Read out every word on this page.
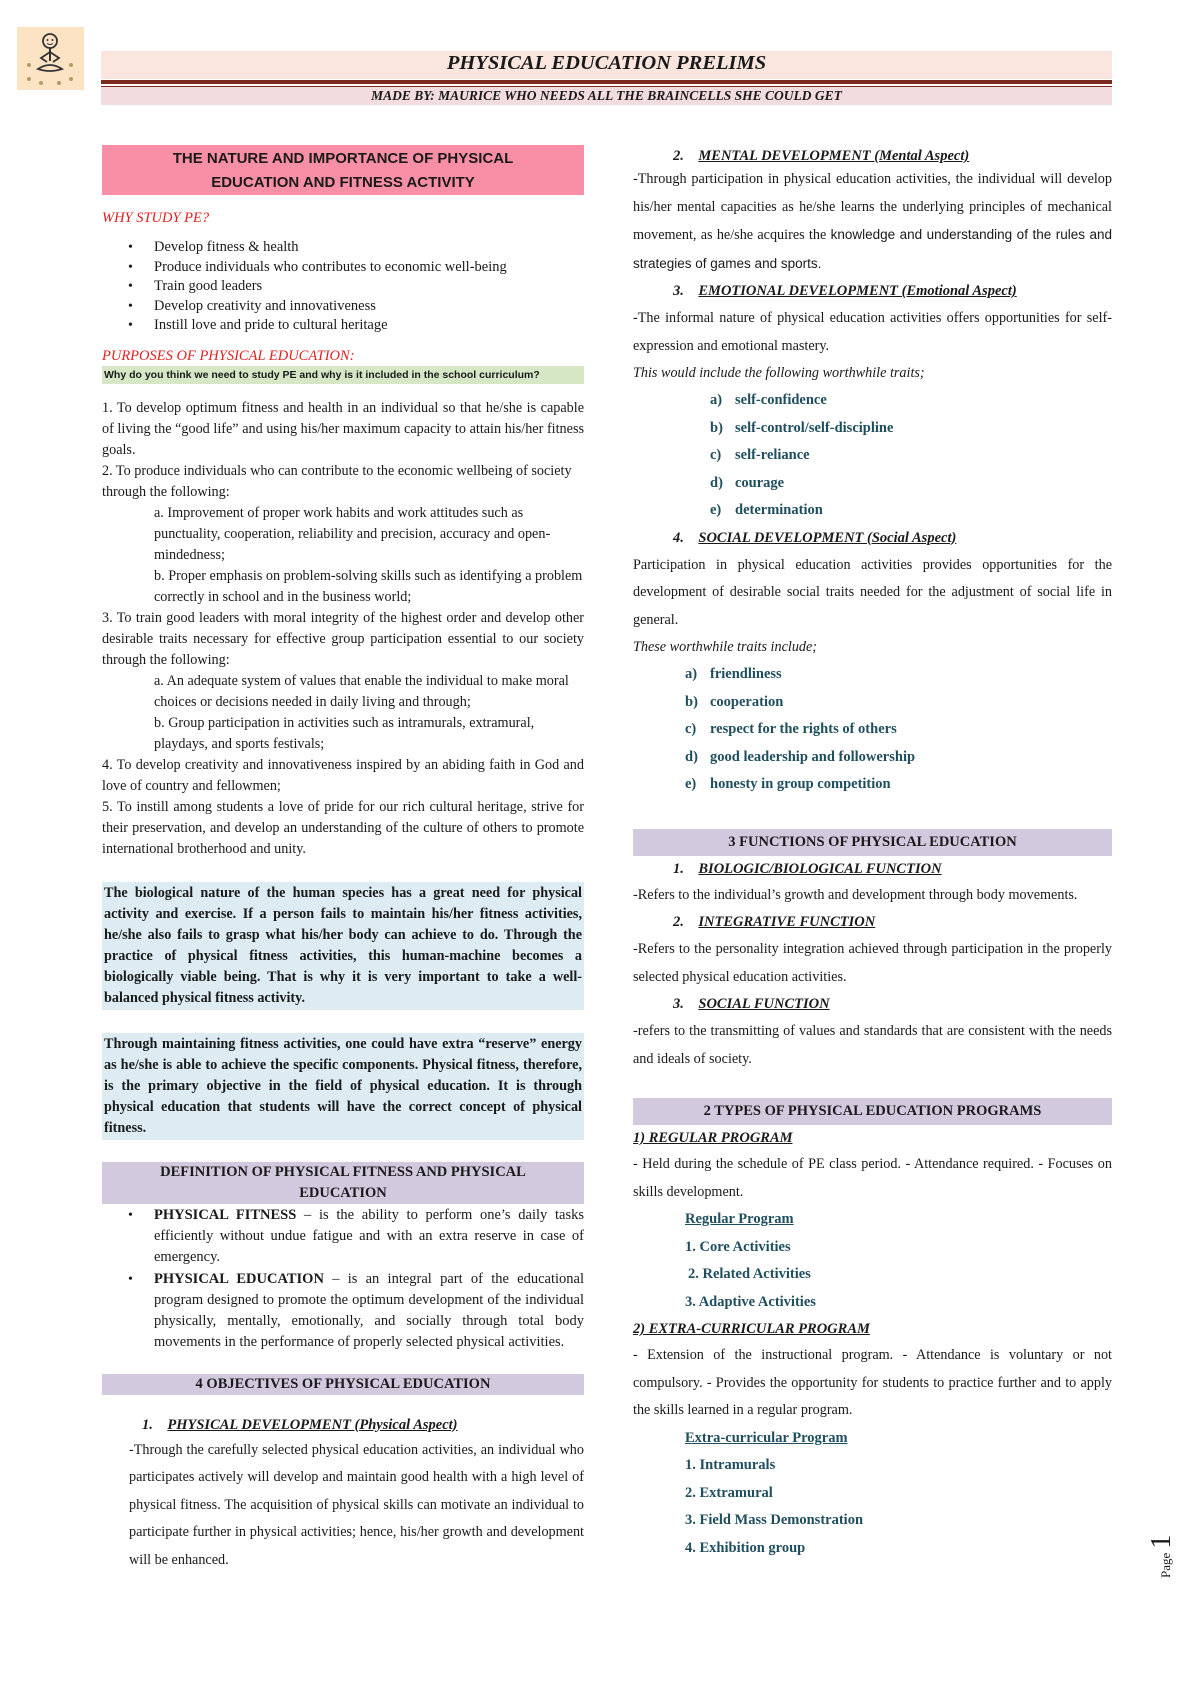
PHYSICAL EDUCATION PRELIMS
MADE BY: MAURICE WHO NEEDS ALL THE BRAINCELLS SHE COULD GET
THE NATURE AND IMPORTANCE OF PHYSICAL
EDUCATION AND FITNESS ACTIVITY
WHY STUDY PE?
• Develop fitness & health
• Produce individuals who contributes to economic well-being
• Train good leaders
• Develop creativity and innovativeness
• Instill love and pride to cultural heritage
PURPOSES OF PHYSICAL EDUCATION:
Why do you think we need to study PE and why is it included in the school curriculum?

1. To develop optimum fitness and health in an individual so that he/she is capable of living the “good life” and using his/her maximum capacity to attain his/her fitness goals.

2. To produce individuals who can contribute to the economic wellbeing of society through the following:

a. Improvement of proper work habits and work attitudes such as punctuality, cooperation, reliability and precision, accuracy and open-mindedness;

b. Proper emphasis on problem-solving skills such as identifying a problem correctly in school and in the business world;

3. To train good leaders with moral integrity of the highest order and develop other desirable traits necessary for effective group participation essential to our society through the following:

a. An adequate system of values that enable the individual to make moral choices or decisions needed in daily living and through;

b. Group participation in activities such as intramurals, extramural, playdays, and sports festivals;

4. To develop creativity and innovativeness inspired by an abiding faith in God and love of country and fellowmen;

5. To instill among students a love of pride for our rich cultural heritage, strive for their preservation, and develop an understanding of the culture of others to promote international brotherhood and unity.

The biological nature of the human species has a great need for physical activity and exercise. If a person fails to maintain his/her fitness activities, he/she also fails to grasp what his/her body can achieve to do. Through the practice of physical fitness activities, this human-machine becomes a biologically viable being. That is why it is very important to take a well-balanced physical fitness activity.
Through maintaining fitness activities, one could have extra “reserve” energy as he/she is able to achieve the specific components. Physical fitness, therefore, is the primary objective in the field of physical education. It is through physical education that students will have the correct concept of physical fitness.
DEFINITION OF PHYSICAL FITNESS AND PHYSICAL
EDUCATION
• PHYSICAL FITNESS – is the ability to perform one’s daily tasks efficiently without undue fatigue and with an extra reserve in case of emergency.
• PHYSICAL EDUCATION – is an integral part of the educational program designed to promote the optimum development of the individual physically, mentally, emotionally, and socially through total body movements in the performance of properly selected physical activities.
4 OBJECTIVES OF PHYSICAL EDUCATION
1. PHYSICAL DEVELOPMENT (Physical Aspect)

-Through the carefully selected physical education activities, an individual who participates actively will develop and maintain good health with a high level of physical fitness. The acquisition of physical skills can motivate an individual to participate further in physical activities; hence, his/her growth and development will be enhanced.

2. MENTAL DEVELOPMENT (Mental Aspect)

-Through participation in physical education activities, the individual will develop his/her mental capacities as he/she learns the underlying principles of mechanical movement, as he/she acquires the knowledge and understanding of the rules and strategies of games and sports.

3. EMOTIONAL DEVELOPMENT (Emotional Aspect)

-The informal nature of physical education activities offers opportunities for self-expression and emotional mastery.

This would include the following worthwhile traits;

a) self-confidence
b) self-control/self-discipline
c) self-reliance
d) courage
e) determination
4. SOCIAL DEVELOPMENT (Social Aspect)

Participation in physical education activities provides opportunities for the development of desirable social traits needed for the adjustment of social life in general.

These worthwhile traits include;

a) friendliness
b) cooperation
c) respect for the rights of others
d) good leadership and followership
e) honesty in group competition
3 FUNCTIONS OF PHYSICAL EDUCATION
1. BIOLOGIC/BIOLOGICAL FUNCTION

-Refers to the individual’s growth and development through body movements.

2. INTEGRATIVE FUNCTION

-Refers to the personality integration achieved through participation in the properly selected physical education activities.

3. SOCIAL FUNCTION

-refers to the transmitting of values and standards that are consistent with the needs and ideals of society.

2 TYPES OF PHYSICAL EDUCATION PROGRAMS
1) REGULAR PROGRAM

- Held during the schedule of PE class period. - Attendance required. - Focuses on skills development.

Regular Program
1. Core Activities
2. Related Activities
3. Adaptive Activities
2) EXTRA-CURRICULAR PROGRAM

- Extension of the instructional program. - Attendance is voluntary or not compulsory. - Provides the opportunity for students to practice further and to apply the skills learned in a regular program.

Extra-curricular Program
1. Intramurals
2. Extramural
3. Field Mass Demonstration
4. Exhibition group
Page 1
